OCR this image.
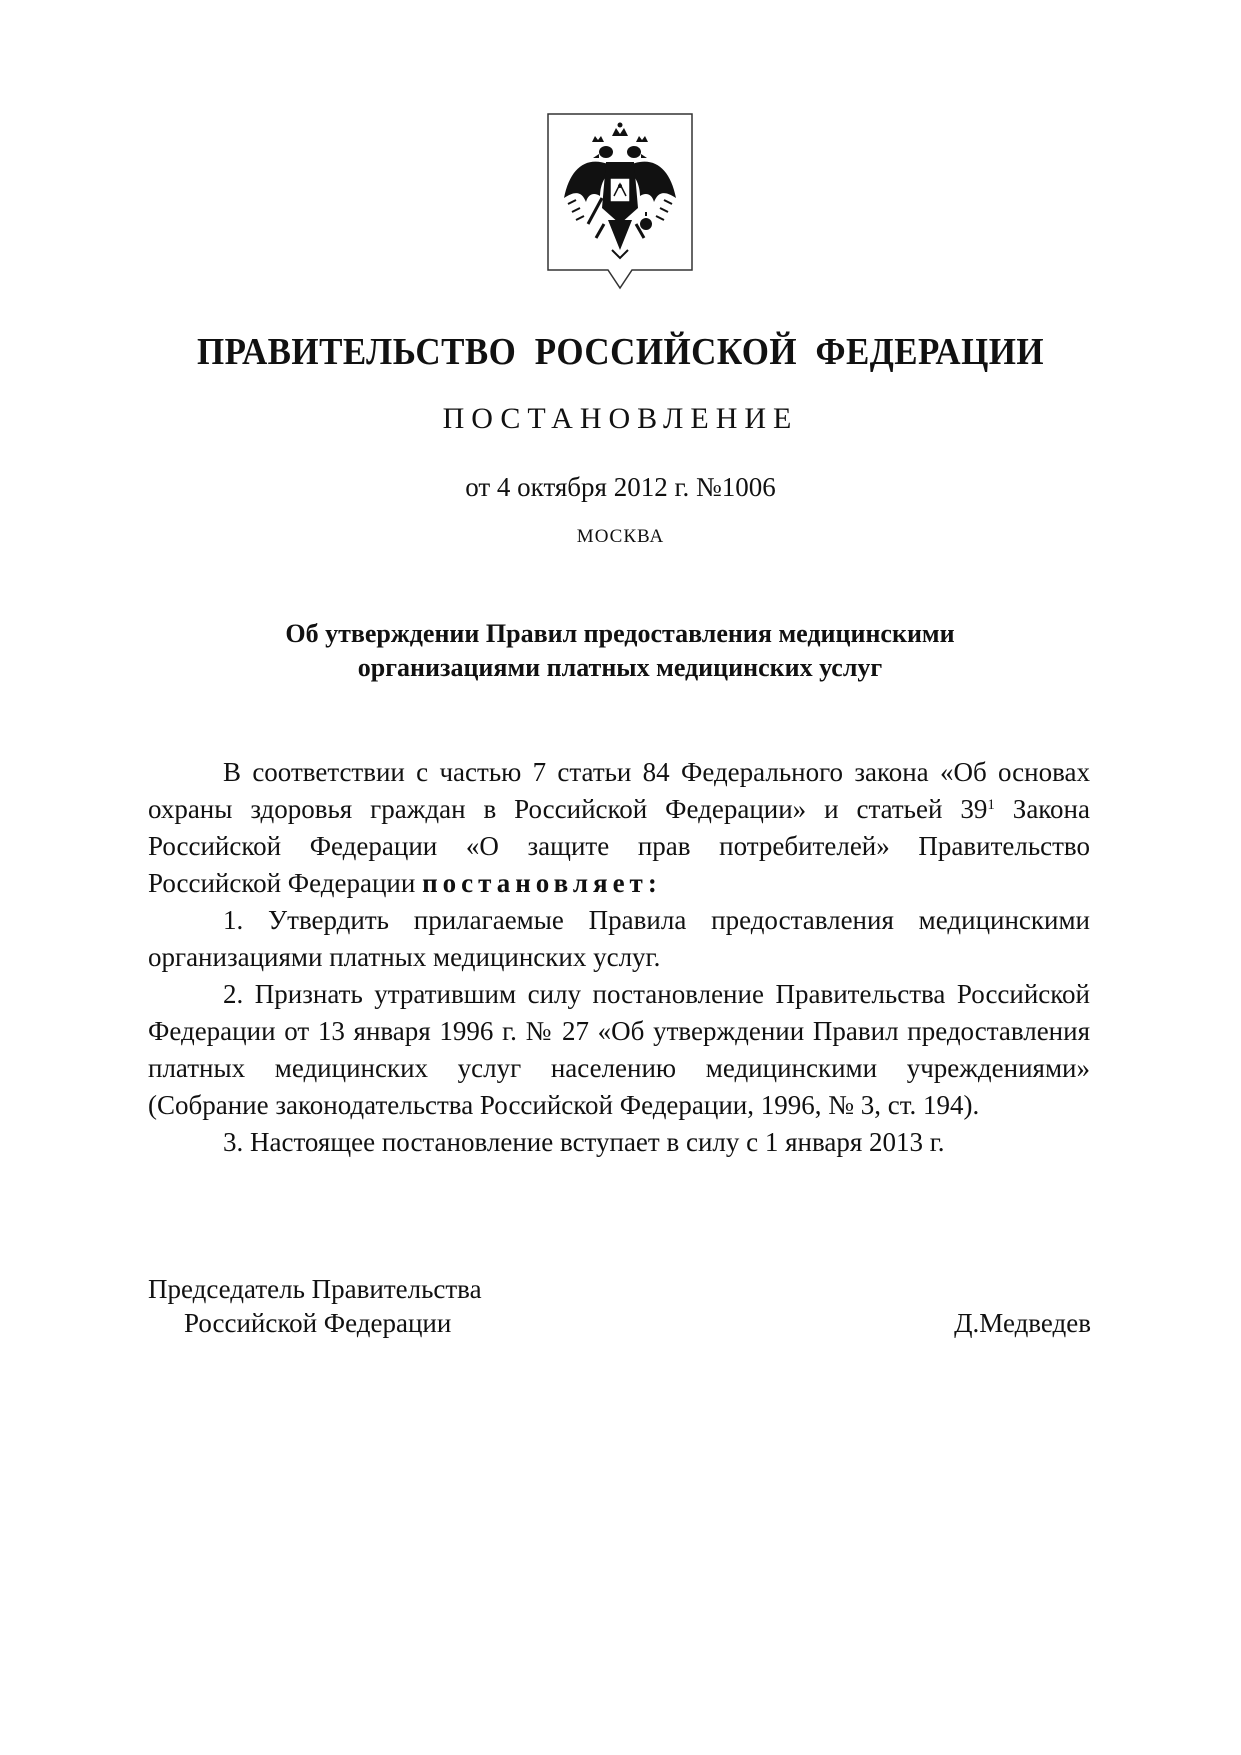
ПРАВИТЕЛЬСТВО РОССИЙСКОЙ ФЕДЕРАЦИИ
ПОСТАНОВЛЕНИЕ
от 4 октября 2012 г. №1006
МОСКВА
Об утверждении Правил предоставления медицинскими
организациями платных медицинских услуг

В соответствии с частью 7 статьи 84 Федерального закона «Об основах охраны здоровья граждан в Российской Федерации» и статьей $39^1$ Закона Российской Федерации «О защите прав потребителей» Правительство Российской Федерации постановляет:

1. Утвердить прилагаемые Правила предоставления медицинскими организациями платных медицинских услуг.

2. Признать утратившим силу постановление Правительства Российской Федерации от 13 января 1996 г. № 27 «Об утверждении Правил предоставления платных медицинских услуг населению медицинскими учреждениями» (Собрание законодательства Российской Федерации, 1996, № 3, ст. 194).

3. Настоящее постановление вступает в силу с 1 января 2013 г.

Председатель Правительства
Российской Федерации	Д.Медведев
